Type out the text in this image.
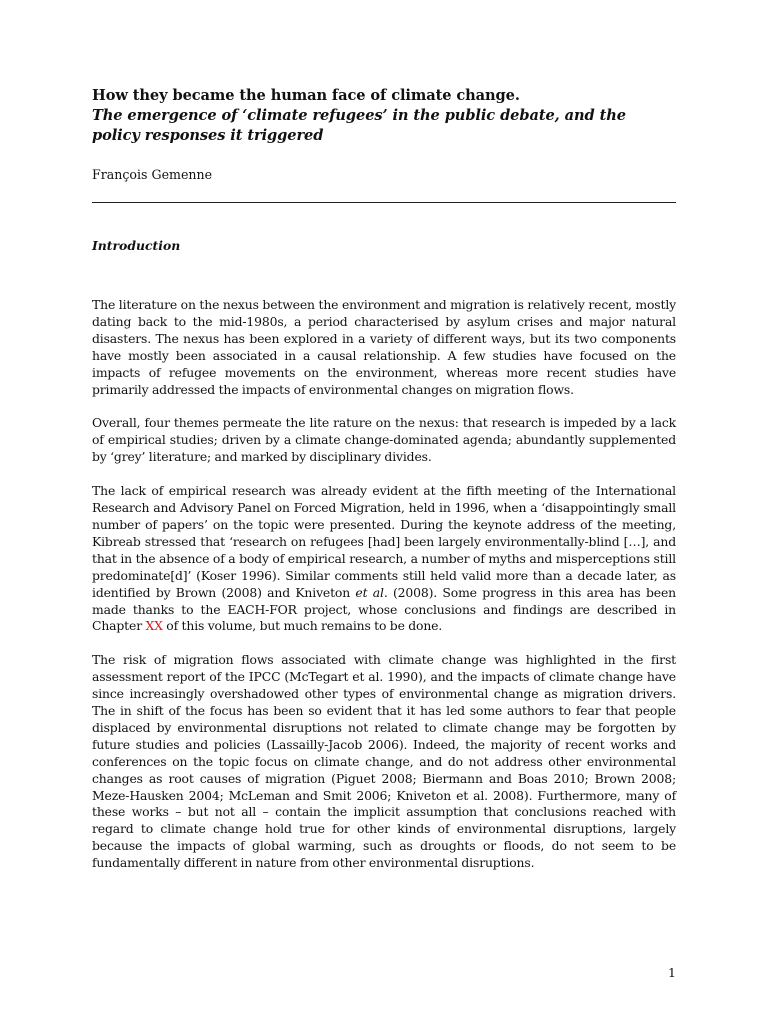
How they became the human face of climate change.
The emergence of ‘climate refugees’ in the public debate, and the policy responses it triggered
François Gemenne
Introduction

The literature on the nexus between the environment and migration is relatively recent, mostly dating back to the mid-1980s, a period characterised by asylum crises and major natural disasters. The nexus has been explored in a variety of different ways, but its two components have mostly been associated in a causal relationship. A few studies have focused on the impacts of refugee movements on the environment, whereas more recent studies have primarily addressed the impacts of environmental changes on migration flows.

Overall, four themes permeate the lite rature on the nexus: that research is impeded by a lack of empirical studies; driven by a climate change-dominated agenda; abundantly supplemented by ‘grey’ literature; and marked by disciplinary divides.

The lack of empirical research was already evident at the fifth meeting of the International Research and Advisory Panel on Forced Migration, held in 1996, when a ‘disappointingly small number of papers’ on the topic were presented. During the keynote address of the meeting, Kibreab stressed that ‘research on refugees [had] been largely environmentally-blind […], and that in the absence of a body of empirical research, a number of myths and misperceptions still predominate[d]’ (Koser 1996). Similar comments still held valid more than a decade later, as identified by Brown (2008) and Kniveton et al. (2008). Some progress in this area has been made thanks to the EACH-FOR project, whose conclusions and findings are described in Chapter XX of this volume, but much remains to be done.

The risk of migration flows associated with climate change was highlighted in the first assessment report of the IPCC (McTegart et al. 1990), and the impacts of climate change have since increasingly overshadowed other types of environmental change as migration drivers. The in shift of the focus has been so evident that it has led some authors to fear that people displaced by environmental disruptions not related to climate change may be forgotten by future studies and policies (Lassailly-Jacob 2006). Indeed, the majority of recent works and conferences on the topic focus on climate change, and do not address other environmental changes as root causes of migration (Piguet 2008; Biermann and Boas 2010; Brown 2008; Meze-Hausken 2004; McLeman and Smit 2006; Kniveton et al. 2008). Furthermore, many of these works – but not all – contain the implicit assumption that conclusions reached with regard to climate change hold true for other kinds of environmental disruptions, largely because the impacts of global warming, such as droughts or floods, do not seem to be fundamentally different in nature from other environmental disruptions.

1
